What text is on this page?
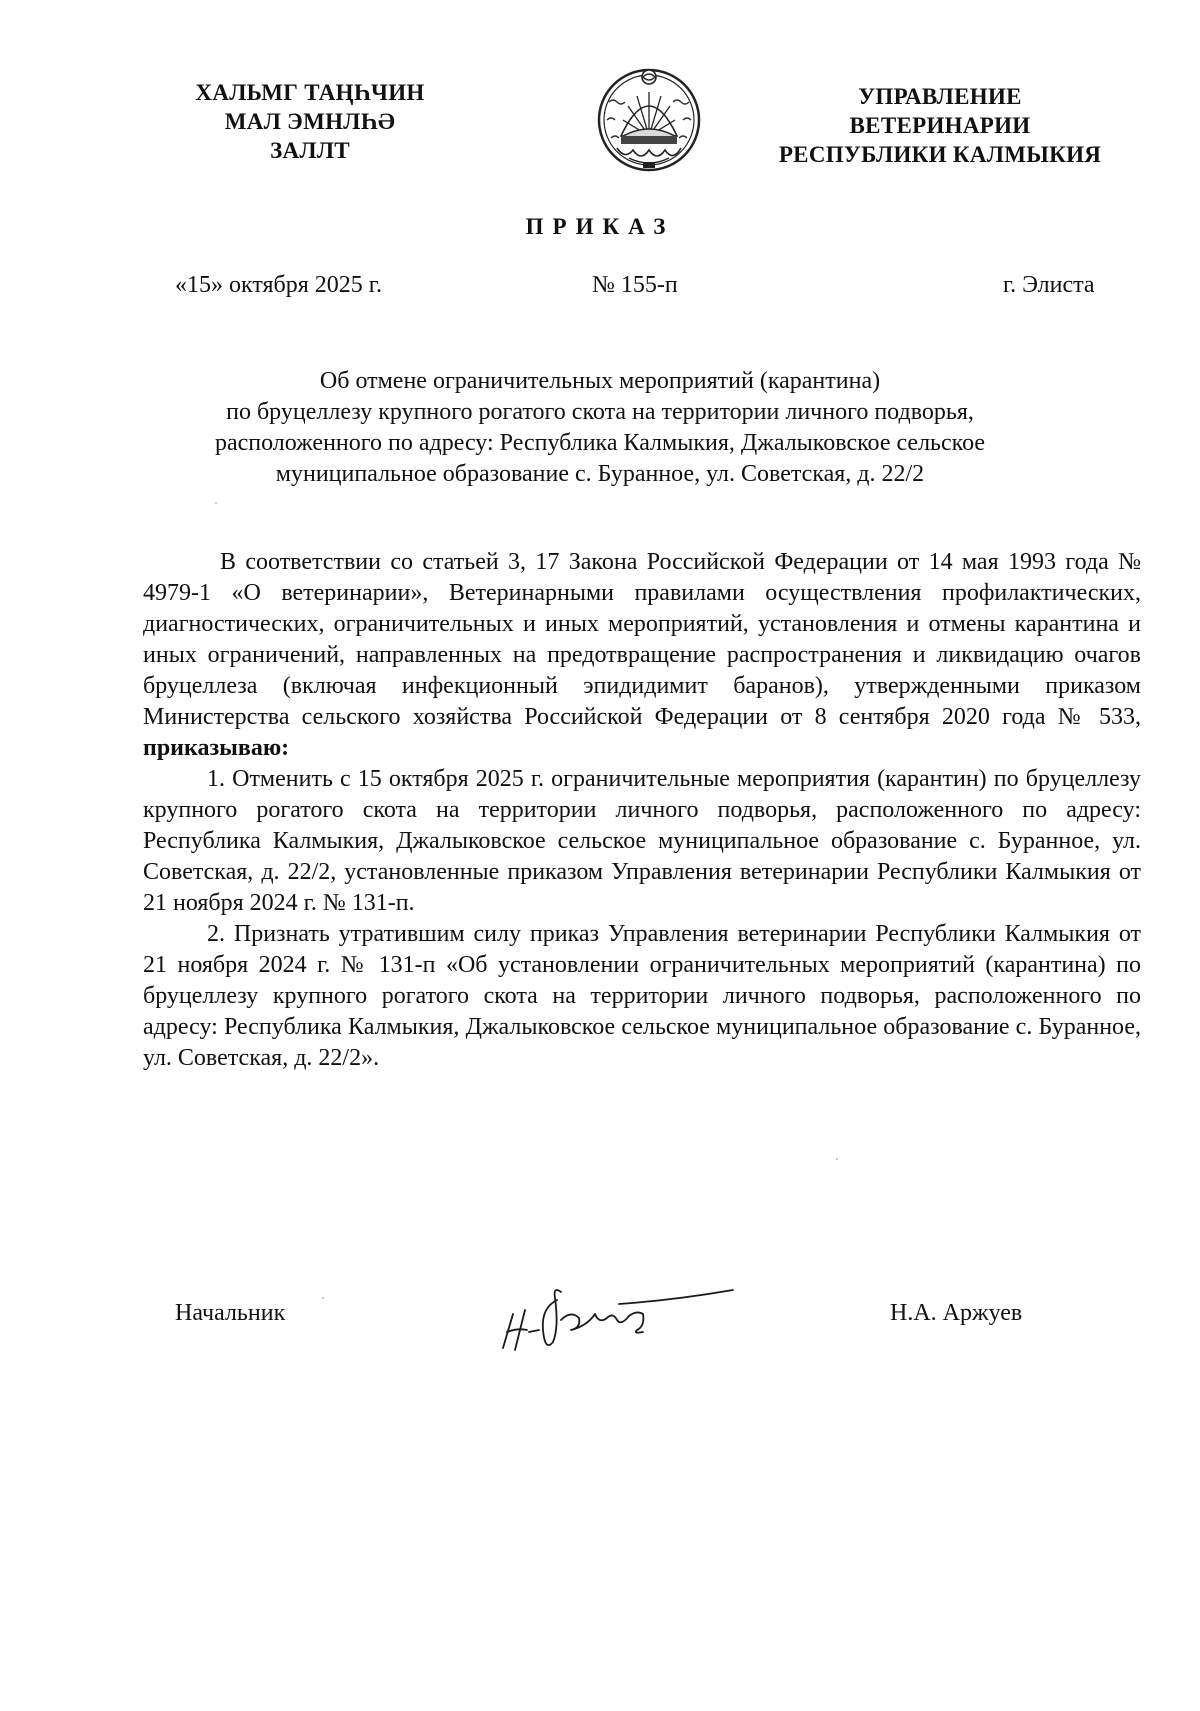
ХАЛЬМГ ТАҢҺЧИН
МАЛ ЭМНЛҺӘ
ЗАЛЛТ
УПРАВЛЕНИЕ
ВЕТЕРИНАРИИ
РЕСПУБЛИКИ КАЛМЫКИЯ
ПРИКАЗ
«15» октября 2025 г.	№ 155-п	г. Элиста
Об отмене ограничительных мероприятий (карантина)
по бруцеллезу крупного рогатого скота на территории личного подворья,
расположенного по адресу: Республика Калмыкия, Джалыковское сельское
муниципальное образование с. Буранное, ул. Советская, д. 22/2

В соответствии со статьей 3, 17 Закона Российской Федерации от 14 мая 1993 года № 4979-1 «О ветеринарии», Ветеринарными правилами осуществления профилактических, диагностических, ограничительных и иных мероприятий, установления и отмены карантина и иных ограничений, направленных на предотвращение распространения и ликвидацию очагов бруцеллеза (включая инфекционный эпидидимит баранов), утвержденными приказом Министерства сельского хозяйства Российской Федерации от 8 сентября 2020 года № 533, приказываю:

1. Отменить с 15 октября 2025 г. ограничительные мероприятия (карантин) по бруцеллезу крупного рогатого скота на территории личного подворья, расположенного по адресу: Республика Калмыкия, Джалыковское сельское муниципальное образование с. Буранное, ул. Советская, д. 22/2, установленные приказом Управления ветеринарии Республики Калмыкия от 21 ноября 2024 г. № 131-п.

2. Признать утратившим силу приказ Управления ветеринарии Республики Калмыкия от 21 ноября 2024 г. № 131-п «Об установлении ограничительных мероприятий (карантина) по бруцеллезу крупного рогатого скота на территории личного подворья, расположенного по адресу: Республика Калмыкия, Джалыковское сельское муниципальное образование с. Буранное, ул. Советская, д. 22/2».

Начальник	Н.А. Аржуев
